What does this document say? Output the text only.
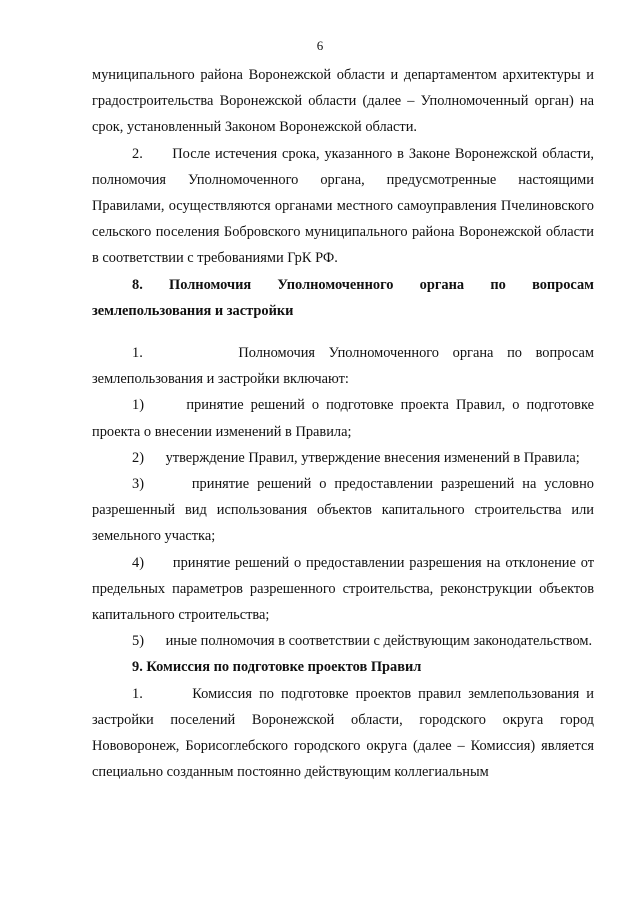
6

муниципального района Воронежской области и департаментом архитектуры и градостроительства Воронежской области (далее – Уполномоченный орган) на срок, установленный Законом Воронежской области.

2. После истечения срока, указанного в Законе Воронежской области, полномочия Уполномоченного органа, предусмотренные настоящими Правилами, осуществляются органами местного самоуправления Пчелиновского сельского поселения Бобровского муниципального района Воронежской области в соответствии с требованиями ГрК РФ.

8. Полномочия Уполномоченного органа по вопросам землепользования и застройки

1.	Полномочия Уполномоченного органа по вопросам землепользования и застройки включают:

1)	принятие решений о подготовке проекта Правил, о подготовке проекта о внесении изменений в Правила;

2) утверждение Правил, утверждение внесения изменений в Правила;

3)	принятие решений о предоставлении разрешений на условно разрешенный вид использования объектов капитального строительства или земельного участка;

4) принятие решений о предоставлении разрешения на отклонение от предельных параметров разрешенного строительства, реконструкции объектов капитального строительства;

5) иные полномочия в соответствии с действующим законодательством.

9. Комиссия по подготовке проектов Правил

1.	Комиссия по подготовке проектов правил землепользования и застройки поселений Воронежской области, городского округа город Нововоронеж, Борисоглебского городского округа (далее – Комиссия) является специально созданным постоянно действующим коллегиальным
